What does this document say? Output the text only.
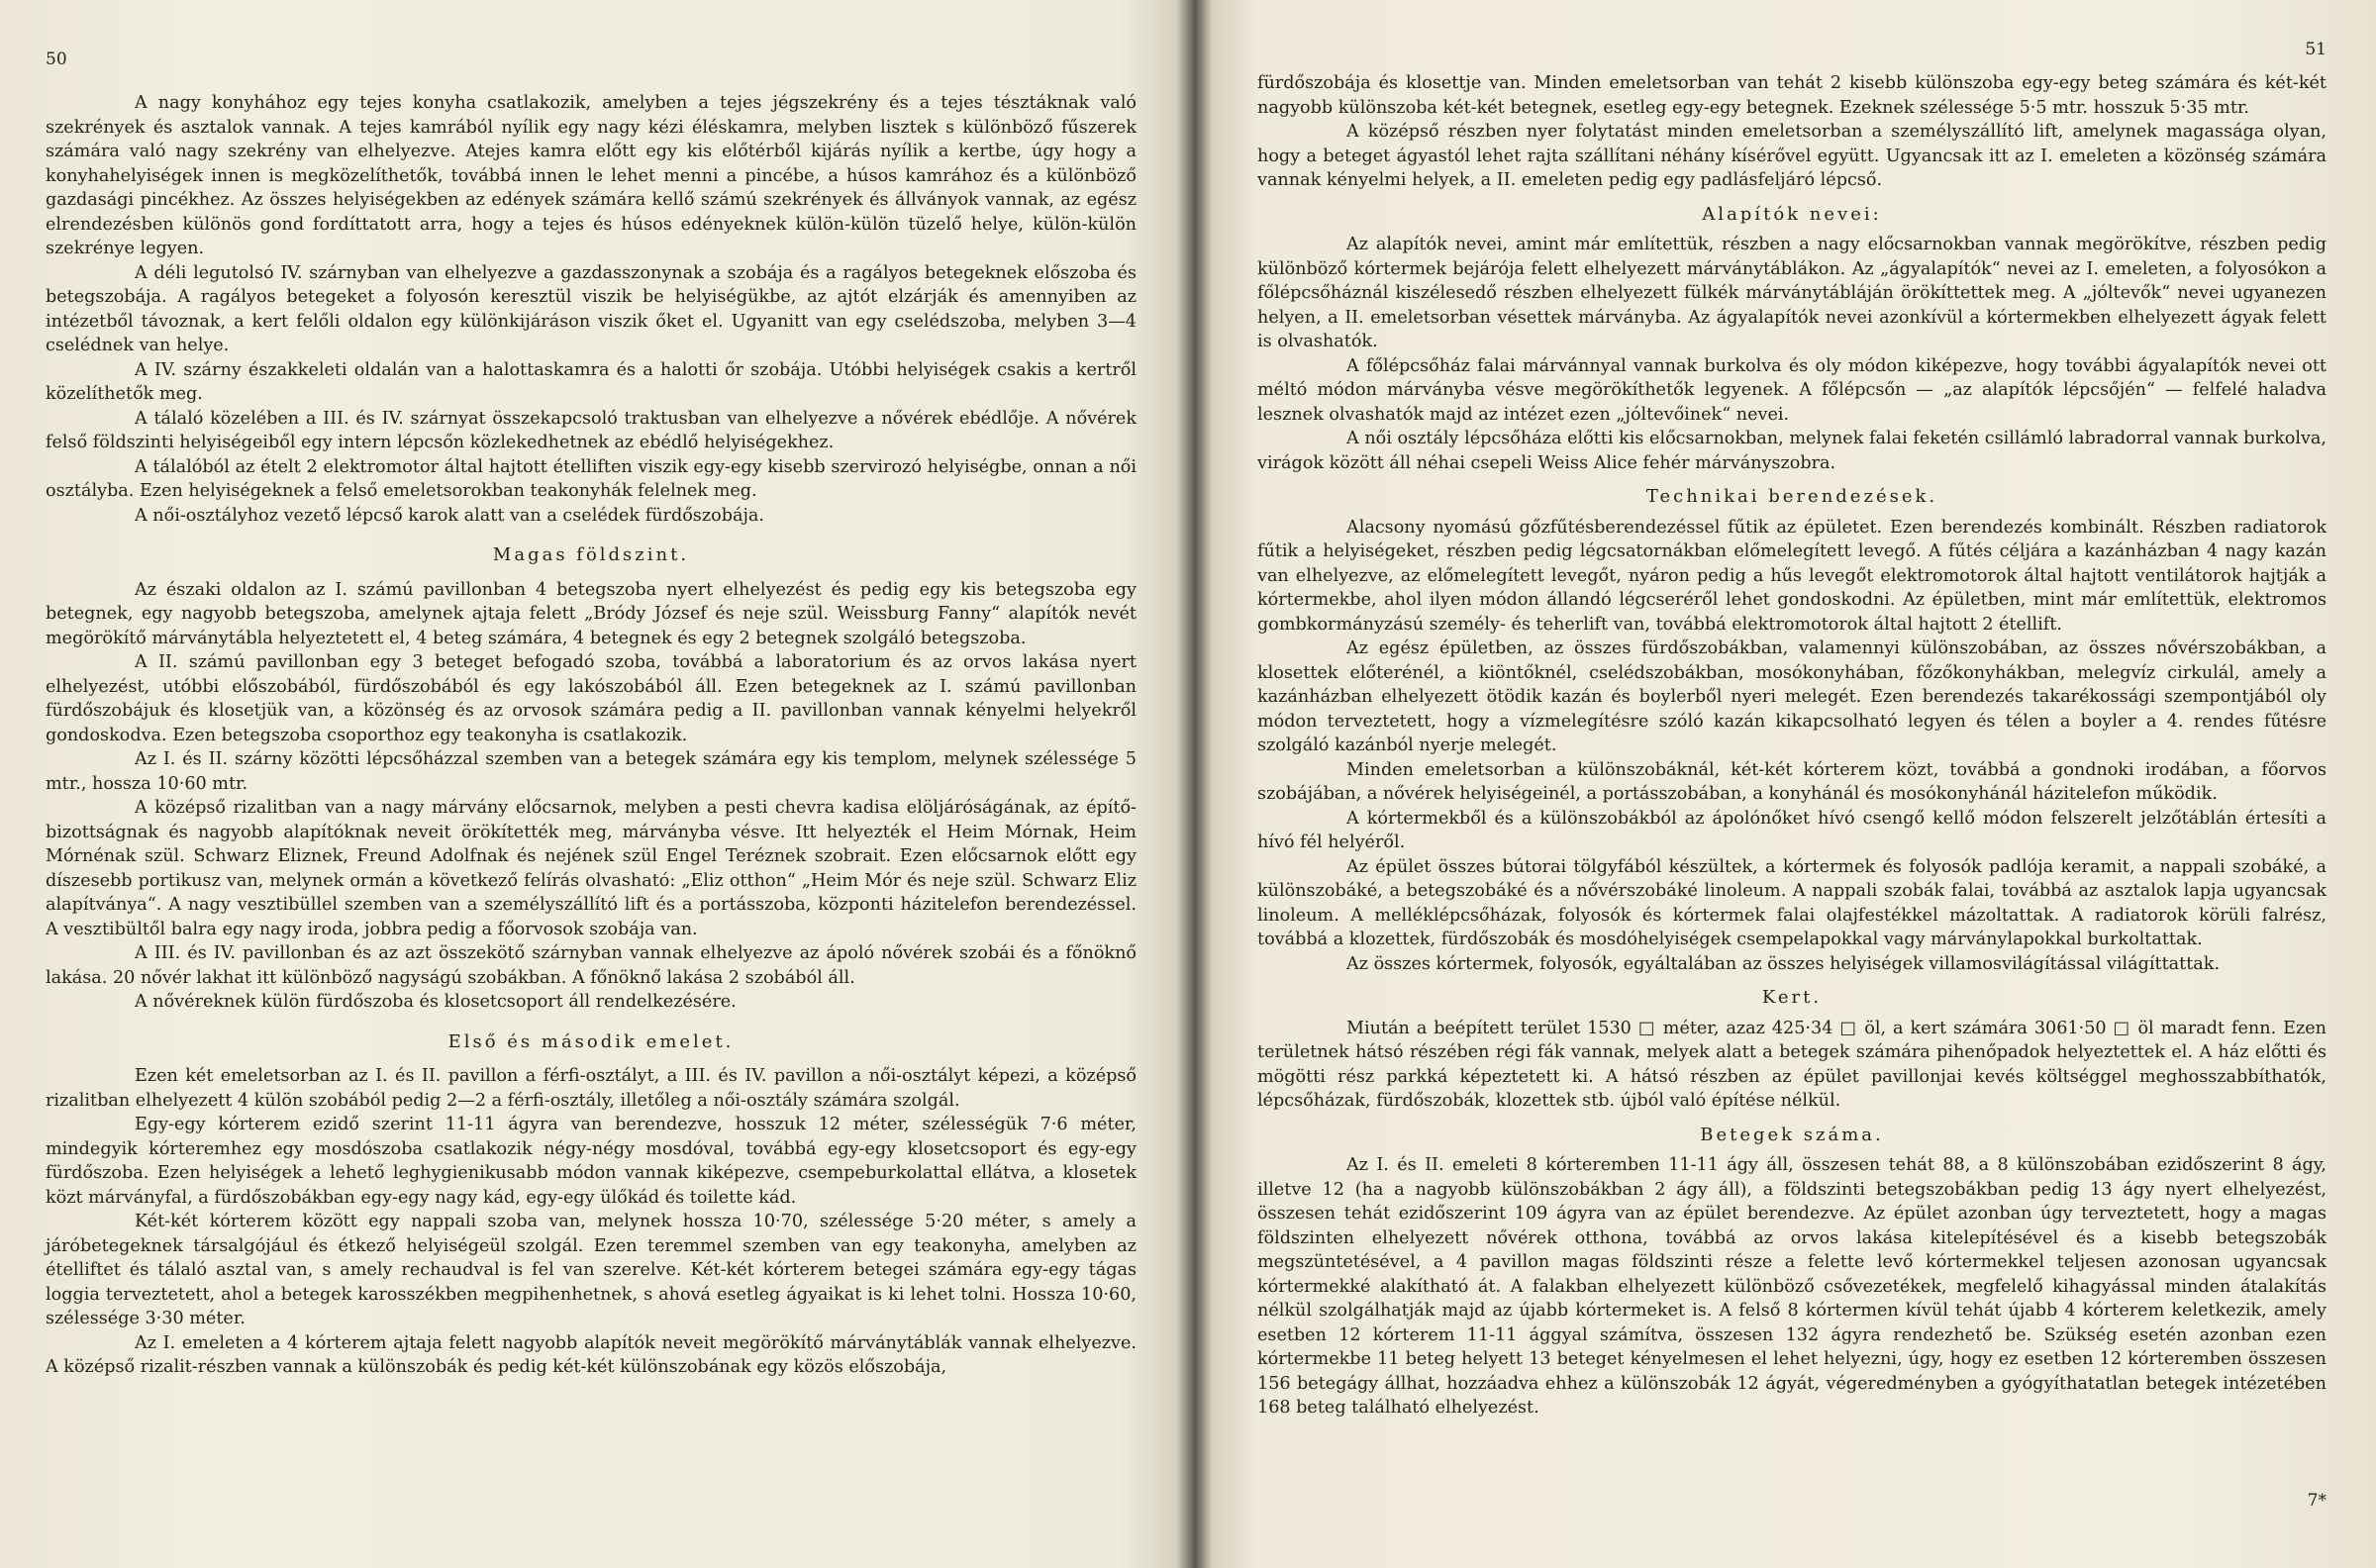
50

A nagy konyhához egy tejes konyha csatlakozik, amelyben a tejes jégszekrény és a tejes tésztáknak való szekrények és asztalok vannak. A tejes kamrából nyílik egy nagy kézi éléskamra, melyben lisztek s különböző fűszerek számára való nagy szekrény van elhelyezve. Atejes kamra előtt egy kis előtérből kijárás nyílik a kertbe, úgy hogy a konyhahelyiségek innen is megközelíthetők, továbbá innen le lehet menni a pincébe, a húsos kamrához és a különböző gazdasági pincékhez. Az összes helyiségekben az edények számára kellő számú szekrények és állványok vannak, az egész elrendezésben különös gond fordíttatott arra, hogy a tejes és húsos edényeknek külön-külön tüzelő helye, külön-külön szekrénye legyen.

A déli legutolsó IV. szárnyban van elhelyezve a gazdasszonynak a szobája és a ragályos betegeknek előszoba és betegszobája. A ragályos betegeket a folyosón keresztül viszik be helyiségükbe, az ajtót elzárják és amennyiben az intézetből távoznak, a kert felőli oldalon egy különkijáráson viszik őket el. Ugyanitt van egy cselédszoba, melyben 3—4 cselédnek van helye.

A IV. szárny északkeleti oldalán van a halottaskamra és a halotti őr szobája. Utóbbi helyiségek csakis a kertről közelíthetők meg.

A tálaló közelében a III. és IV. szárnyat összekapcsoló traktusban van elhelyezve a nővérek ebédlője. A nővérek felső földszinti helyiségeiből egy intern lépcsőn közlekedhetnek az ebédlő helyiségekhez.

A tálalóból az ételt 2 elektromotor által hajtott ételliften viszik egy-egy kisebb szervirozó helyiségbe, onnan a női osztályba. Ezen helyiségeknek a felső emeletsorokban teakonyhák felelnek meg.

A női-osztályhoz vezető lépcső karok alatt van a cselédek fürdőszobája.

Magas földszint.

Az északi oldalon az I. számú pavillonban 4 betegszoba nyert elhelyezést és pedig egy kis betegszoba egy betegnek, egy nagyobb betegszoba, amelynek ajtaja felett „Bródy József és neje szül. Weissburg Fanny“ alapítók nevét megörökítő márványtábla helyeztetett el, 4 beteg számára, 4 betegnek és egy 2 betegnek szolgáló betegszoba.

A II. számú pavillonban egy 3 beteget befogadó szoba, továbbá a laboratorium és az orvos lakása nyert elhelyezést, utóbbi előszobából, fürdőszobából és egy lakószobából áll. Ezen betegeknek az I. számú pavillonban fürdőszobájuk és klosetjük van, a közönség és az orvosok számára pedig a II. pavillonban vannak kényelmi helyekről gondoskodva. Ezen betegszoba csoporthoz egy teakonyha is csatlakozik.

Az I. és II. szárny közötti lépcsőházzal szemben van a betegek számára egy kis templom, melynek szélessége 5 mtr., hossza 10·60 mtr.

A középső rizalitban van a nagy márvány előcsarnok, melyben a pesti chevra kadisa elöljáróságának, az építő-bizottságnak és nagyobb alapítóknak neveit örökítették meg, márványba vésve. Itt helyezték el Heim Mórnak, Heim Mórnénak szül. Schwarz Eliznek, Freund Adolfnak és nejének szül Engel Teréznek szobrait. Ezen előcsarnok előtt egy díszesebb portikusz van, melynek ormán a következő felírás olvasható: „Eliz otthon“ „Heim Mór és neje szül. Schwarz Eliz alapítványa“. A nagy vesztibüllel szemben van a személyszállító lift és a portásszoba, központi házitelefon berendezéssel. A vesztibültől balra egy nagy iroda, jobbra pedig a főorvosok szobája van.

A III. és IV. pavillonban és az azt összekötő szárnyban vannak elhelyezve az ápoló nővérek szobái és a főnöknő lakása. 20 nővér lakhat itt különböző nagyságú szobákban. A főnöknő lakása 2 szobából áll.

A nővéreknek külön fürdőszoba és klosetcsoport áll rendelkezésére.

Első és második emelet.

Ezen két emeletsorban az I. és II. pavillon a férfi-osztályt, a III. és IV. pavillon a női-osztályt képezi, a középső rizalitban elhelyezett 4 külön szobából pedig 2—2 a férfi-osztály, illetőleg a női-osztály számára szolgál.

Egy-egy kórterem ezidő szerint 11-11 ágyra van berendezve, hosszuk 12 méter, szélességük 7·6 méter, mindegyik kórteremhez egy mosdószoba csatlakozik négy-négy mosdóval, továbbá egy-egy klosetcsoport és egy-egy fürdőszoba. Ezen helyiségek a lehető leghygienikusabb módon vannak kiképezve, csempeburkolattal ellátva, a klosetek közt márványfal, a fürdőszobákban egy-egy nagy kád, egy-egy ülőkád és toilette kád.

Két-két kórterem között egy nappali szoba van, melynek hossza 10·70, szélessége 5·20 méter, s amely a járóbetegeknek társalgójául és étkező helyiségeül szolgál. Ezen teremmel szemben van egy teakonyha, amelyben az ételliftet és tálaló asztal van, s amely rechaudval is fel van szerelve. Két-két kórterem betegei számára egy-egy tágas loggia terveztetett, ahol a betegek karosszékben megpihenhetnek, s ahová esetleg ágyaikat is ki lehet tolni. Hossza 10·60, szélessége 3·30 méter.

Az I. emeleten a 4 kórterem ajtaja felett nagyobb alapítók neveit megörökítő márványtáblák vannak elhelyezve. A középső rizalit-részben vannak a különszobák és pedig két-két különszobának egy közös előszobája,

51

fürdőszobája és klosettje van. Minden emeletsorban van tehát 2 kisebb különszoba egy-egy beteg számára és két-két nagyobb különszoba két-két betegnek, esetleg egy-egy betegnek. Ezeknek szélessége 5·5 mtr. hosszuk 5·35 mtr.

A középső részben nyer folytatást minden emeletsorban a személyszállító lift, amelynek magassága olyan, hogy a beteget ágyastól lehet rajta szállítani néhány kísérővel együtt. Ugyancsak itt az I. emeleten a közönség számára vannak kényelmi helyek, a II. emeleten pedig egy padlásfeljáró lépcső.

Alapítók nevei:

Az alapítók nevei, amint már említettük, részben a nagy előcsarnokban vannak megörökítve, részben pedig különböző kórtermek bejárója felett elhelyezett márványtáblákon. Az „ágyalapítók“ nevei az I. emeleten, a folyosókon a főlépcsőháznál kiszélesedő részben elhelyezett fülkék márványtábláján örökíttettek meg. A „jóltevők“ nevei ugyanezen helyen, a II. emeletsorban vésettek márványba. Az ágyalapítók nevei azonkívül a kórtermekben elhelyezett ágyak felett is olvashatók.

A főlépcsőház falai márvánnyal vannak burkolva és oly módon kiképezve, hogy további ágyalapítók nevei ott méltó módon márványba vésve megörökíthetők legyenek. A főlépcsőn — „az alapítók lépcsőjén“ — felfelé haladva lesznek olvashatók majd az intézet ezen „jóltevőinek“ nevei.

A női osztály lépcsőháza előtti kis előcsarnokban, melynek falai feketén csillámló labradorral vannak burkolva, virágok között áll néhai csepeli Weiss Alice fehér márványszobra.

Technikai berendezések.

Alacsony nyomású gőzfűtésberendezéssel fűtik az épületet. Ezen berendezés kombinált. Részben radiatorok fűtik a helyiségeket, részben pedig légcsatornákban előmelegített levegő. A fűtés céljára a kazánházban 4 nagy kazán van elhelyezve, az előmelegített levegőt, nyáron pedig a hűs levegőt elektromotorok által hajtott ventilátorok hajtják a kórtermekbe, ahol ilyen módon állandó légcseréről lehet gondoskodni. Az épületben, mint már említettük, elektromos gombkormányzású személy- és teherlift van, továbbá elektromotorok által hajtott 2 étellift.

Az egész épületben, az összes fürdőszobákban, valamennyi különszobában, az összes nővérszobákban, a klosettek előterénél, a kiöntőknél, cselédszobákban, mosókonyhában, főzőkonyhákban, melegvíz cirkulál, amely a kazánházban elhelyezett ötödik kazán és boylerből nyeri melegét. Ezen berendezés takarékossági szempontjából oly módon terveztetett, hogy a vízmelegítésre szóló kazán kikapcsolható legyen és télen a boyler a 4. rendes fűtésre szolgáló kazánból nyerje melegét.

Minden emeletsorban a különszobáknál, két-két kórterem közt, továbbá a gondnoki irodában, a főorvos szobájában, a nővérek helyiségeinél, a portásszobában, a konyhánál és mosókonyhánál házitelefon működik.

A kórtermekből és a különszobákból az ápolónőket hívó csengő kellő módon felszerelt jelzőtáblán értesíti a hívó fél helyéről.

Az épület összes bútorai tölgyfából készültek, a kórtermek és folyosók padlója keramit, a nappali szobáké, a különszobáké, a betegszobáké és a nővérszobáké linoleum. A nappali szobák falai, továbbá az asztalok lapja ugyancsak linoleum. A melléklépcsőházak, folyosók és kórtermek falai olajfestékkel mázoltattak. A radiatorok körüli falrész, továbbá a klozettek, fürdőszobák és mosdóhelyiségek csempelapokkal vagy márványlapokkal burkoltattak.

Az összes kórtermek, folyosók, egyáltalában az összes helyiségek villamosvilágítással világíttattak.

Kert.

Miután a beépített terület 1530 □ méter, azaz 425·34 □ öl, a kert számára 3061·50 □ öl maradt fenn. Ezen területnek hátsó részében régi fák vannak, melyek alatt a betegek számára pihenőpadok helyeztettek el. A ház előtti és mögötti rész parkká képeztetett ki. A hátsó részben az épület pavillonjai kevés költséggel meghosszabbíthatók, lépcsőházak, fürdőszobák, klozettek stb. újból való építése nélkül.

Betegek száma.

Az I. és II. emeleti 8 kórteremben 11-11 ágy áll, összesen tehát 88, a 8 különszobában ezidőszerint 8 ágy, illetve 12 (ha a nagyobb különszobákban 2 ágy áll), a földszinti betegszobákban pedig 13 ágy nyert elhelyezést, összesen tehát ezidőszerint 109 ágyra van az épület berendezve. Az épület azonban úgy terveztetett, hogy a magas földszinten elhelyezett nővérek otthona, továbbá az orvos lakása kitelepítésével és a kisebb betegszobák megszüntetésével, a 4 pavillon magas földszinti része a felette levő kórtermekkel teljesen azonosan ugyancsak kórtermekké alakítható át. A falakban elhelyezett különböző csővezetékek, megfelelő kihagyással minden átalakítás nélkül szolgálhatják majd az újabb kórtermeket is. A felső 8 kórtermen kívül tehát újabb 4 kórterem keletkezik, amely esetben 12 kórterem 11-11 ággyal számítva, összesen 132 ágyra rendezhető be. Szükség esetén azonban ezen kórtermekbe 11 beteg helyett 13 beteget kényelmesen el lehet helyezni, úgy, hogy ez esetben 12 kórteremben összesen 156 betegágy állhat, hozzáadva ehhez a különszobák 12 ágyát, végeredményben a gyógyíthatatlan betegek intézetében 168 beteg található elhelyezést.

7*
